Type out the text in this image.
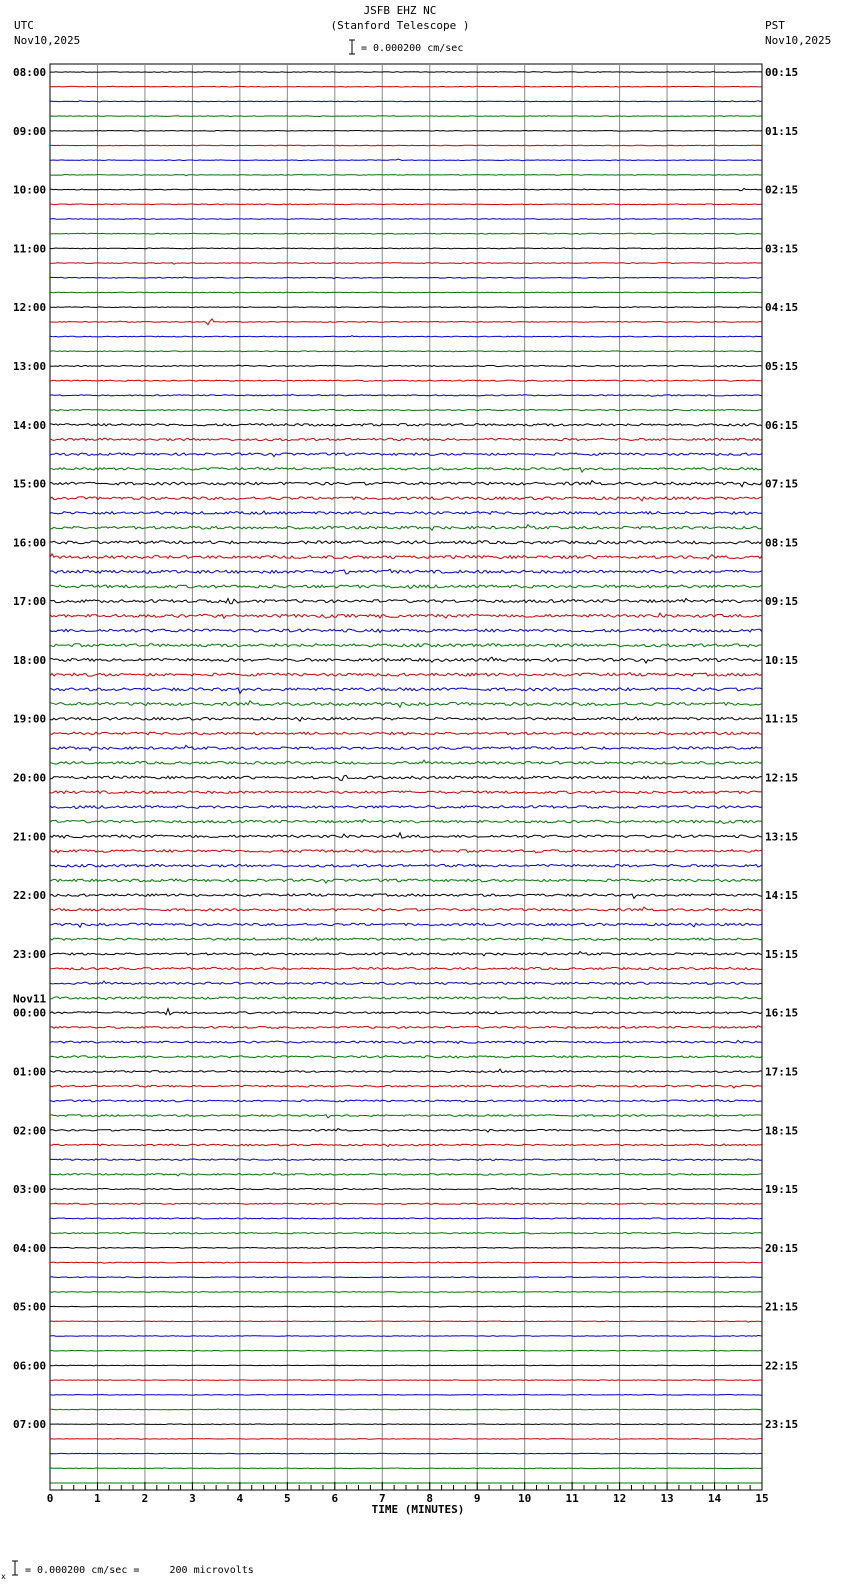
JSFB EHZ NC
(Stanford Telescope )
UTC
Nov10,2025
PST
Nov10,2025
= 0.000200 cm/sec
08:00
09:00
10:00
11:00
12:00
13:00
14:00
15:00
16:00
17:00
18:00
19:00
20:00
21:00
22:00
23:00
00:00
01:00
02:00
03:00
04:00
05:00
06:00
07:00
Nov11
00:15
01:15
02:15
03:15
04:15
05:15
06:15
07:15
08:15
09:15
10:15
11:15
12:15
13:15
14:15
15:15
16:15
17:15
18:15
19:15
20:15
21:15
22:15
23:15
0	1	2	3	4	5	6	7	8	9	10	11	12	13	14	15
TIME (MINUTES)
x
= 0.000200 cm/sec =     200 microvolts
